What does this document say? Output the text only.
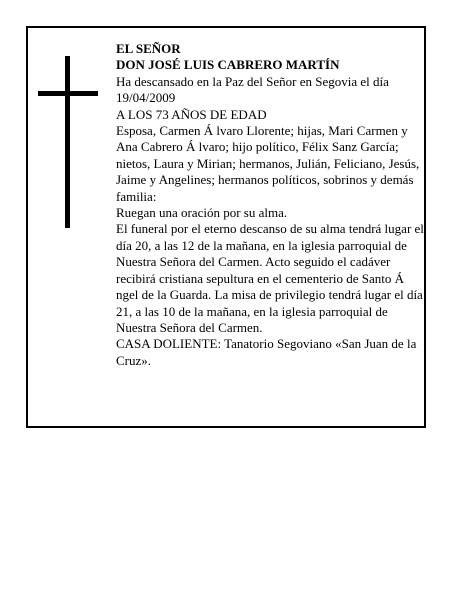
EL SEÑOR

DON JOSÉ LUIS CABRERO MARTÍN

Ha descansado en la Paz del Señor en Segovia el día 19/04/2009

A LOS 73 AÑOS DE EDAD

Esposa, Carmen Á lvaro Llorente; hijas, Mari Carmen y Ana Cabrero Á lvaro; hijo político, Félix Sanz García; nietos, Laura y Mirian; hermanos, Julián, Feliciano, Jesús, Jaime y Angelines; hermanos políticos, sobrinos y demás familia:

Ruegan una oración por su alma.

El funeral por el eterno descanso de su alma tendrá lugar el día 20, a las 12 de la mañana, en la iglesia parroquial de Nuestra Señora del Carmen. Acto seguido el cadáver recibirá cristiana sepultura en el cementerio de Santo Á ngel de la Guarda. La misa de privilegio tendrá lugar el día 21, a las 10 de la mañana, en la iglesia parroquial de Nuestra Señora del Carmen.

CASA DOLIENTE: Tanatorio Segoviano «San Juan de la Cruz».
